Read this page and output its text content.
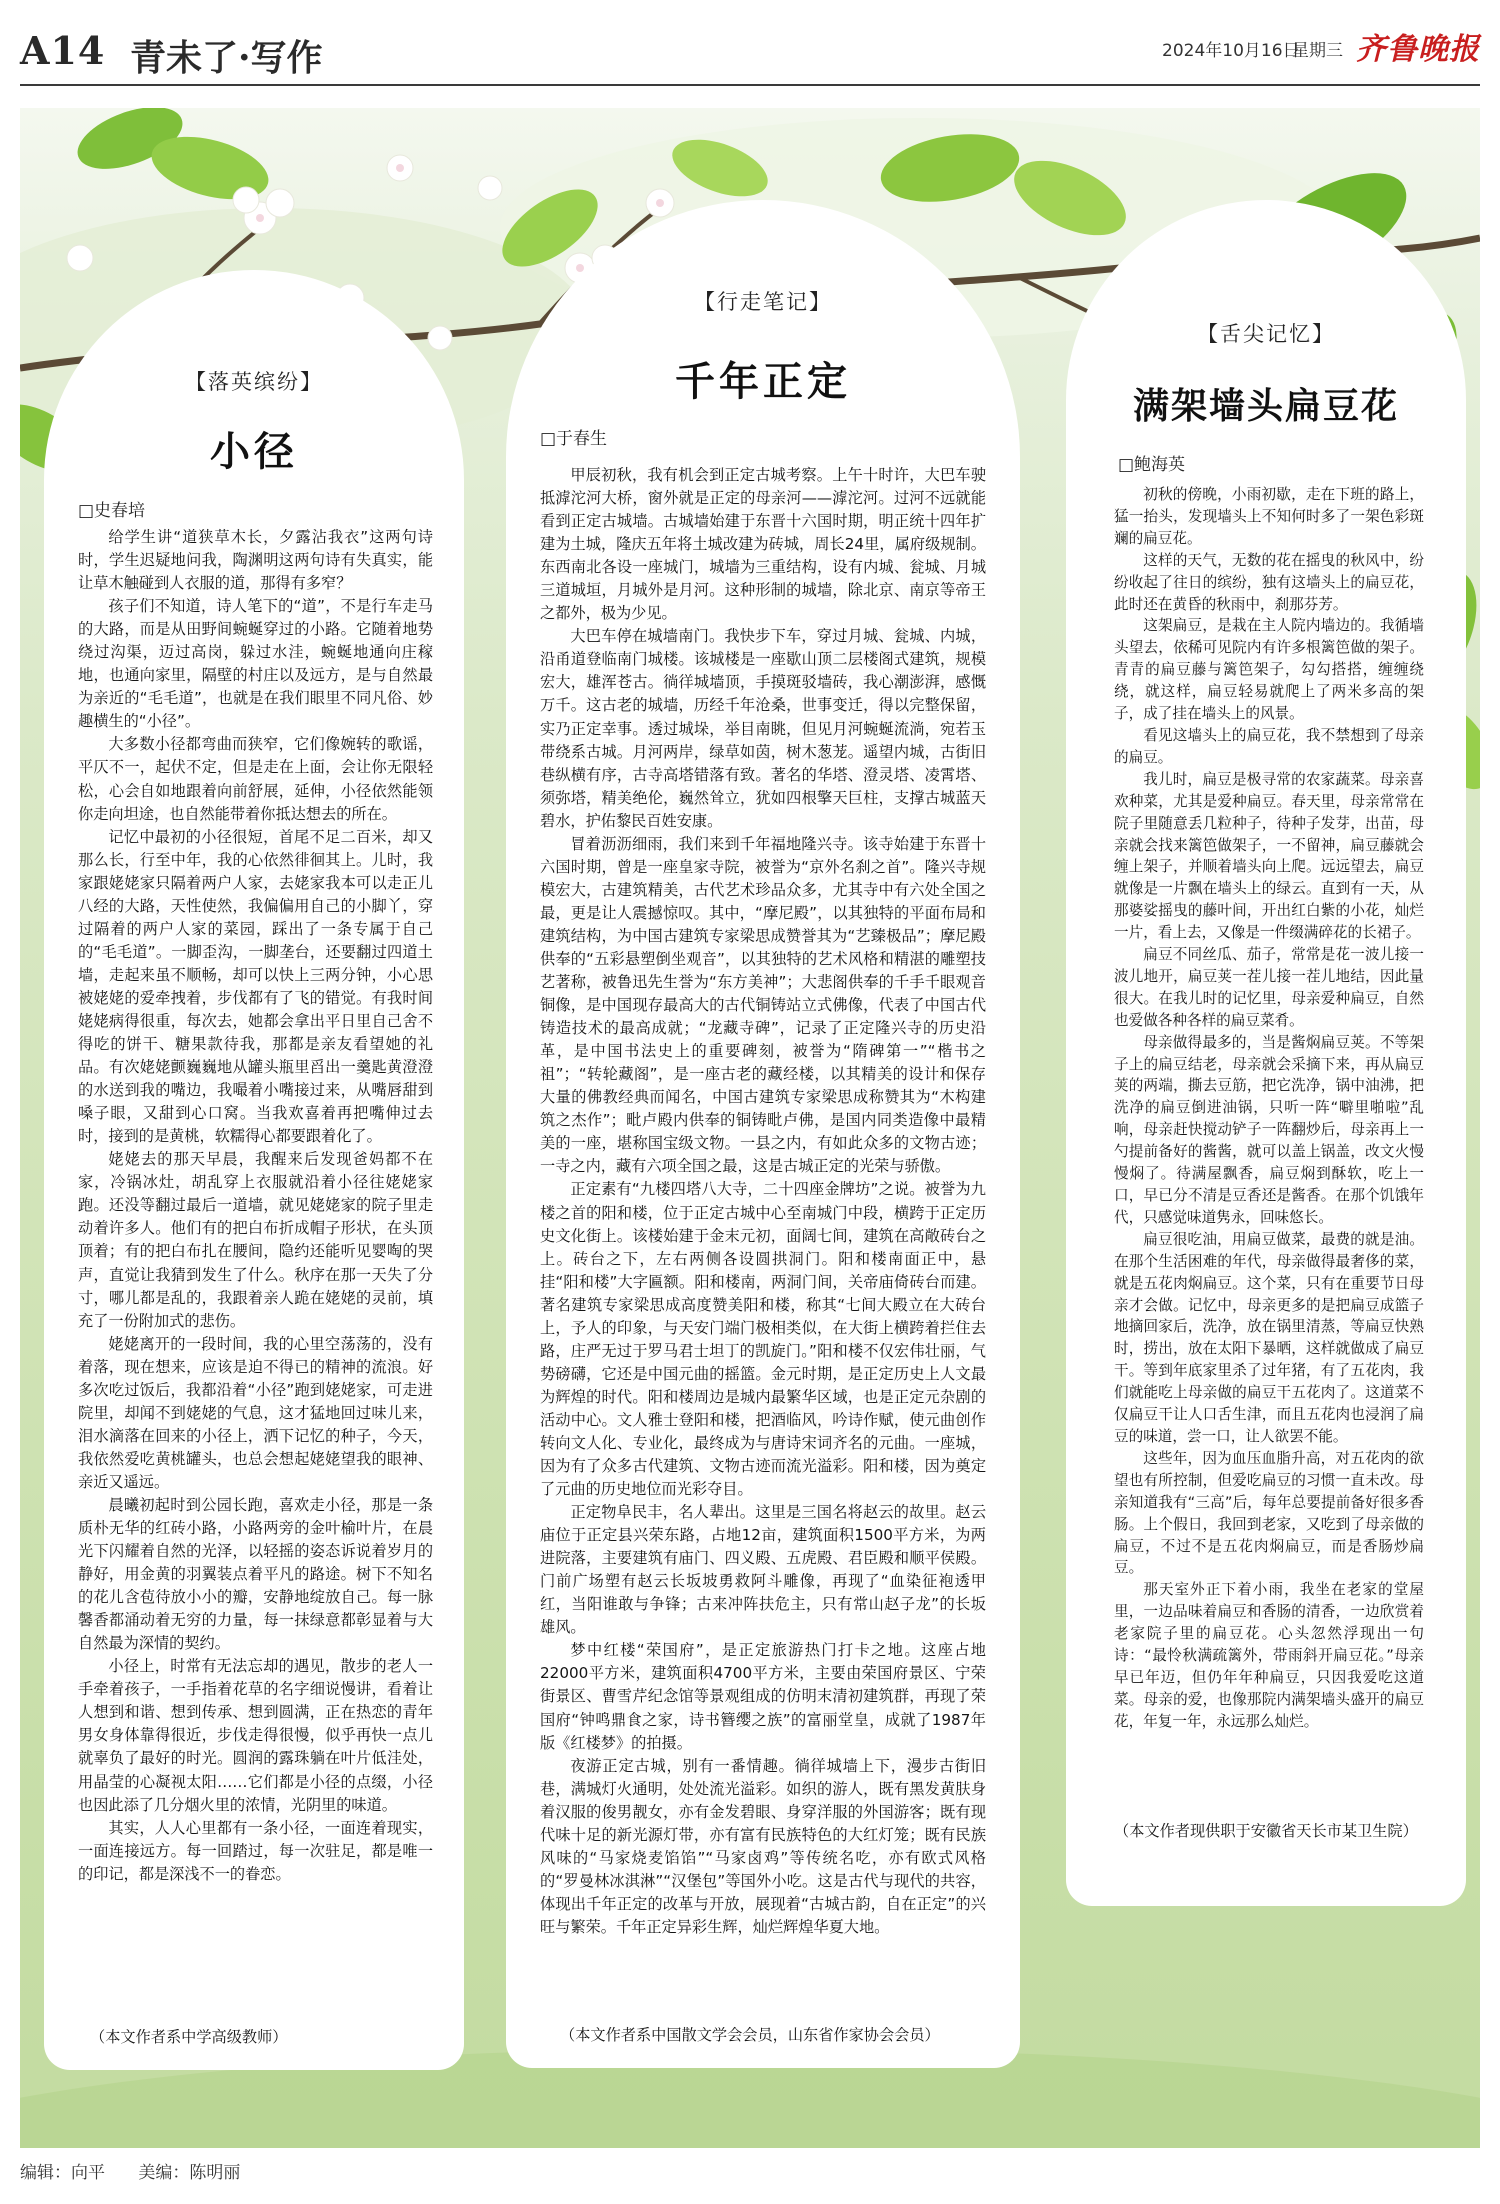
A14 青未了·写作	2024年10月16日
星期三 齐鲁晚报
【落英缤纷】
小径
□史春培

给学生讲“道狭草木长，夕露沾我衣”这两句诗时，学生迟疑地问我，陶渊明这两句诗有失真实，能让草木触碰到人衣服的道，那得有多窄？

孩子们不知道，诗人笔下的“道”，不是行车走马的大路，而是从田野间蜿蜒穿过的小路。它随着地势绕过沟渠，迈过高岗，躲过水洼，蜿蜒地通向庄稼地，也通向家里，隔壁的村庄以及远方，是与自然最为亲近的“毛毛道”，也就是在我们眼里不同凡俗、妙趣横生的“小径”。

大多数小径都弯曲而狭窄，它们像婉转的歌谣，平仄不一，起伏不定，但是走在上面，会让你无限轻松，心会自如地跟着向前舒展，延伸，小径依然能领你走向坦途，也自然能带着你抵达想去的所在。

记忆中最初的小径很短，首尾不足二百米，却又那么长，行至中年，我的心依然徘徊其上。儿时，我家跟姥姥家只隔着两户人家，去姥家我本可以走正儿八经的大路，天性使然，我偏偏用自己的小脚丫，穿过隔着的两户人家的菜园，踩出了一条专属于自己的“毛毛道”。一脚歪沟，一脚垄台，还要翻过四道土墙，走起来虽不顺畅，却可以快上三两分钟，小心思被姥姥的爱牵拽着，步伐都有了飞的错觉。有我时间姥姥病得很重，每次去，她都会拿出平日里自己舍不得吃的饼干、糖果款待我，那都是亲友看望她的礼品。有次姥姥颤巍巍地从罐头瓶里舀出一羹匙黄澄澄的水送到我的嘴边，我嘬着小嘴接过来，从嘴唇甜到嗓子眼，又甜到心口窝。当我欢喜着再把嘴伸过去时，接到的是黄桃，软糯得心都要跟着化了。

姥姥去的那天早晨，我醒来后发现爸妈都不在家，冷锅冰灶，胡乱穿上衣服就沿着小径往姥姥家跑。还没等翻过最后一道墙，就见姥姥家的院子里走动着许多人。他们有的把白布折成帽子形状，在头顶顶着；有的把白布扎在腰间，隐约还能听见婴啕的哭声，直觉让我猜到发生了什么。秋序在那一天失了分寸，哪儿都是乱的，我跟着亲人跪在姥姥的灵前，填充了一份附加式的悲伤。

姥姥离开的一段时间，我的心里空荡荡的，没有着落，现在想来，应该是迫不得已的精神的流浪。好多次吃过饭后，我都沿着“小径”跑到姥姥家，可走进院里，却闻不到姥姥的气息，这才猛地回过味儿来，泪水滴落在回来的小径上，洒下记忆的种子，今天，我依然爱吃黄桃罐头，也总会想起姥姥望我的眼神、亲近又遥远。

晨曦初起时到公园长跑，喜欢走小径，那是一条质朴无华的红砖小路，小路两旁的金叶榆叶片，在晨光下闪耀着自然的光泽，以轻摇的姿态诉说着岁月的静好，用金黄的羽翼装点着平凡的路途。树下不知名的花儿含苞待放小小的瓣，安静地绽放自己。每一脉馨香都涌动着无穷的力量，每一抹绿意都彰显着与大自然最为深情的契约。

小径上，时常有无法忘却的遇见，散步的老人一手牵着孩子，一手指着花草的名字细说慢讲，看着让人想到和谐、想到传承、想到圆满，正在热恋的青年男女身体靠得很近，步伐走得很慢，似乎再快一点儿就辜负了最好的时光。圆润的露珠躺在叶片低洼处，用晶莹的心凝视太阳……它们都是小径的点缀，小径也因此添了几分烟火里的浓情，光阴里的味道。

其实，人人心里都有一条小径，一面连着现实，一面连接远方。每一回踏过，每一次驻足，都是唯一的印记，都是深浅不一的眷恋。

（本文作者系中学高级教师）
【行走笔记】
千年正定
□于春生

甲辰初秋，我有机会到正定古城考察。上午十时许，大巴车驶抵滹沱河大桥，窗外就是正定的母亲河——滹沱河。过河不远就能看到正定古城墙。古城墙始建于东晋十六国时期，明正统十四年扩建为土城，隆庆五年将土城改建为砖城，周长24里，属府级规制。东西南北各设一座城门，城墙为三重结构，设有内城、瓮城、月城三道城垣，月城外是月河。这种形制的城墙，除北京、南京等帝王之都外，极为少见。

大巴车停在城墙南门。我快步下车，穿过月城、瓮城、内城，沿甬道登临南门城楼。该城楼是一座歇山顶二层楼阁式建筑，规模宏大，雄浑苍古。徜徉城墙顶，手摸斑驳墙砖，我心潮澎湃，感慨万千。这古老的城墙，历经千年沧桑，世事变迁，得以完整保留，实乃正定幸事。透过城垛，举目南眺，但见月河蜿蜒流淌，宛若玉带绕系古城。月河两岸，绿草如茵，树木葱茏。遥望内城，古街旧巷纵横有序，古寺高塔错落有致。著名的华塔、澄灵塔、凌霄塔、须弥塔，精美绝伦，巍然耸立，犹如四根擎天巨柱，支撑古城蓝天碧水，护佑黎民百姓安康。

冒着沥沥细雨，我们来到千年福地隆兴寺。该寺始建于东晋十六国时期，曾是一座皇家寺院，被誉为“京外名刹之首”。隆兴寺规模宏大，古建筑精美，古代艺术珍品众多，尤其寺中有六处全国之最，更是让人震撼惊叹。其中，“摩尼殿”，以其独特的平面布局和建筑结构，为中国古建筑专家梁思成赞誉其为“艺臻极品”；摩尼殿供奉的“五彩悬塑倒坐观音”，以其独特的艺术风格和精湛的雕塑技艺著称，被鲁迅先生誉为“东方美神”；大悲阁供奉的千手千眼观音铜像，是中国现存最高大的古代铜铸站立式佛像，代表了中国古代铸造技术的最高成就；“龙藏寺碑”，记录了正定隆兴寺的历史沿革，是中国书法史上的重要碑刻，被誉为“隋碑第一”“楷书之祖”；“转轮藏阁”，是一座古老的藏经楼，以其精美的设计和保存大量的佛教经典而闻名，中国古建筑专家梁思成称赞其为“木构建筑之杰作”；毗卢殿内供奉的铜铸毗卢佛，是国内同类造像中最精美的一座，堪称国宝级文物。一县之内，有如此众多的文物古迹；一寺之内，藏有六项全国之最，这是古城正定的光荣与骄傲。

正定素有“九楼四塔八大寺，二十四座金牌坊”之说。被誉为九楼之首的阳和楼，位于正定古城中心至南城门中段，横跨于正定历史文化街上。该楼始建于金末元初，面阔七间，建筑在高敞砖台之上。砖台之下，左右两侧各设圆拱洞门。阳和楼南面正中，悬挂“阳和楼”大字匾额。阳和楼南，两洞门间，关帝庙倚砖台而建。著名建筑专家梁思成高度赞美阳和楼，称其“七间大殿立在大砖台上，予人的印象，与天安门端门极相类似，在大街上横跨着拦住去路，庄严无过于罗马君士坦丁的凯旋门。”阳和楼不仅宏伟壮丽，气势磅礴，它还是中国元曲的摇篮。金元时期，是正定历史上人文最为辉煌的时代。阳和楼周边是城内最繁华区域，也是正定元杂剧的活动中心。文人雅士登阳和楼，把酒临风，吟诗作赋，使元曲创作转向文人化、专业化，最终成为与唐诗宋词齐名的元曲。一座城，因为有了众多古代建筑、文物古迹而流光溢彩。阳和楼，因为奠定了元曲的历史地位而光彩夺目。

正定物阜民丰，名人辈出。这里是三国名将赵云的故里。赵云庙位于正定县兴荣东路，占地12亩，建筑面积1500平方米，为两进院落，主要建筑有庙门、四义殿、五虎殿、君臣殿和顺平侯殿。门前广场塑有赵云长坂坡勇救阿斗雕像，再现了“血染征袍透甲红，当阳谁敢与争锋；古来冲阵扶危主，只有常山赵子龙”的长坂雄风。

梦中红楼“荣国府”，是正定旅游热门打卡之地。这座占地22000平方米，建筑面积4700平方米，主要由荣国府景区、宁荣街景区、曹雪芹纪念馆等景观组成的仿明末清初建筑群，再现了荣国府“钟鸣鼎食之家，诗书簪缨之族”的富丽堂皇，成就了1987年版《红楼梦》的拍摄。

夜游正定古城，别有一番情趣。徜徉城墙上下，漫步古街旧巷，满城灯火通明，处处流光溢彩。如织的游人，既有黑发黄肤身着汉服的俊男靓女，亦有金发碧眼、身穿洋服的外国游客；既有现代味十足的新光源灯带，亦有富有民族特色的大红灯笼；既有民族风味的“马家烧麦馅馅”“马家卤鸡”等传统名吃，亦有欧式风格的“罗曼林冰淇淋”“汉堡包”等国外小吃。这是古代与现代的共容，体现出千年正定的改革与开放，展现着“古城古韵，自在正定”的兴旺与繁荣。千年正定异彩生辉，灿烂辉煌华夏大地。

（本文作者系中国散文学会会员，山东省作家协会会员）
【舌尖记忆】
满架墙头扁豆花
□鲍海英

初秋的傍晚，小雨初歇，走在下班的路上，猛一抬头，发现墙头上不知何时多了一架色彩斑斓的扁豆花。

这样的天气，无数的花在摇曳的秋风中，纷纷收起了往日的缤纷，独有这墙头上的扁豆花，此时还在黄昏的秋雨中，刹那芬芳。

这架扁豆，是栽在主人院内墙边的。我循墙头望去，依稀可见院内有许多根篱笆做的架子。青青的扁豆藤与篱笆架子，勾勾搭搭，缠缠绕绕，就这样，扁豆轻易就爬上了两米多高的架子，成了挂在墙头上的风景。

看见这墙头上的扁豆花，我不禁想到了母亲的扁豆。

我儿时，扁豆是极寻常的农家蔬菜。母亲喜欢种菜，尤其是爱种扁豆。春天里，母亲常常在院子里随意丢几粒种子，待种子发芽，出苗，母亲就会找来篱笆做架子，一不留神，扁豆藤就会缠上架子，并顺着墙头向上爬。远远望去，扁豆就像是一片飘在墙头上的绿云。直到有一天，从那婆娑摇曳的藤叶间，开出红白紫的小花，灿烂一片，看上去，又像是一件缀满碎花的长裙子。

扁豆不同丝瓜、茄子，常常是花一波儿接一波儿地开，扁豆荚一茬儿接一茬儿地结，因此量很大。在我儿时的记忆里，母亲爱种扁豆，自然也爱做各种各样的扁豆菜肴。

母亲做得最多的，当是酱焖扁豆荚。不等架子上的扁豆结老，母亲就会采摘下来，再从扁豆荚的两端，撕去豆筋，把它洗净，锅中油沸，把洗净的扁豆倒进油锅，只听一阵“噼里啪啦”乱响，母亲赶快搅动铲子一阵翻炒后，母亲再上一勺提前备好的酱酱，就可以盖上锅盖，改文火慢慢焖了。待满屋飘香，扁豆焖到酥软，吃上一口，早已分不清是豆香还是酱香。在那个饥饿年代，只感觉味道隽永，回味悠长。

扁豆很吃油，用扁豆做菜，最费的就是油。在那个生活困难的年代，母亲做得最奢侈的菜，就是五花肉焖扁豆。这个菜，只有在重要节日母亲才会做。记忆中，母亲更多的是把扁豆成篮子地摘回家后，洗净，放在锅里清蒸，等扁豆快熟时，捞出，放在太阳下暴晒，这样就做成了扁豆干。等到年底家里杀了过年猪，有了五花肉，我们就能吃上母亲做的扁豆干五花肉了。这道菜不仅扁豆干让人口舌生津，而且五花肉也浸润了扁豆的味道，尝一口，让人欲罢不能。

这些年，因为血压血脂升高，对五花肉的欲望也有所控制，但爱吃扁豆的习惯一直未改。母亲知道我有“三高”后，每年总要提前备好很多香肠。上个假日，我回到老家，又吃到了母亲做的扁豆，不过不是五花肉焖扁豆，而是香肠炒扁豆。

那天室外正下着小雨，我坐在老家的堂屋里，一边品味着扁豆和香肠的清香，一边欣赏着老家院子里的扁豆花。心头忽然浮现出一句诗：“最怜秋满疏篱外，带雨斜开扁豆花。”母亲早已年迈，但仍年年种扁豆，只因我爱吃这道菜。母亲的爱，也像那院内满架墙头盛开的扁豆花，年复一年，永远那么灿烂。

（本文作者现供职于安徽省天长市某卫生院）
编辑：向平 美编：陈明丽
